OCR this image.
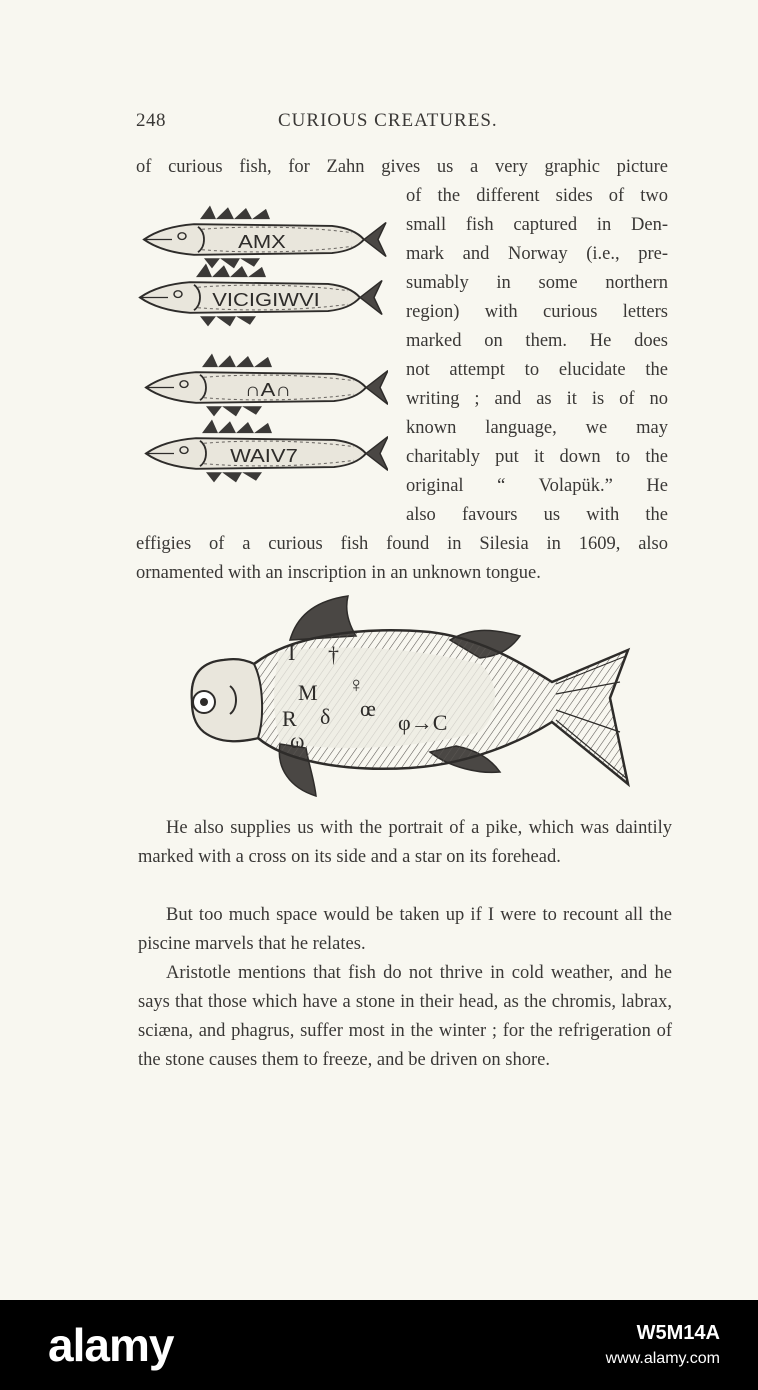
248	CURIOUS CREATURES.
of curious fish, for Zahn gives us a very graphic picture
of the different sides of two
small fish captured in Den-
mark and Norway (i.e., pre-
sumably in some northern
region) with curious letters
marked on them. He does
not attempt to elucidate the
writing ; and as it is of no
known language, we may
charitably put it down to the
original “ Volapük.” He
also favours us with the
effigies of a curious fish found in Silesia in 1609, also
ornamented with an inscription in an unknown tongue.
AMX
VICIGIWVI
∩A∩
WAIV7
I †
M ♀
œ
R δ
ω
φ→C
He also supplies us with the portrait of a pike, which was daintily marked with a cross on its side and a star on its forehead.
But too much space would be taken up if I were to recount all the piscine marvels that he relates.
Aristotle mentions that fish do not thrive in cold weather, and he says that those which have a stone in their head, as the chromis, labrax, sciæna, and phagrus, suffer most in the winter ; for the refrigeration of the stone causes them to freeze, and be driven on shore.
alamy	W5M14A
www.alamy.com
